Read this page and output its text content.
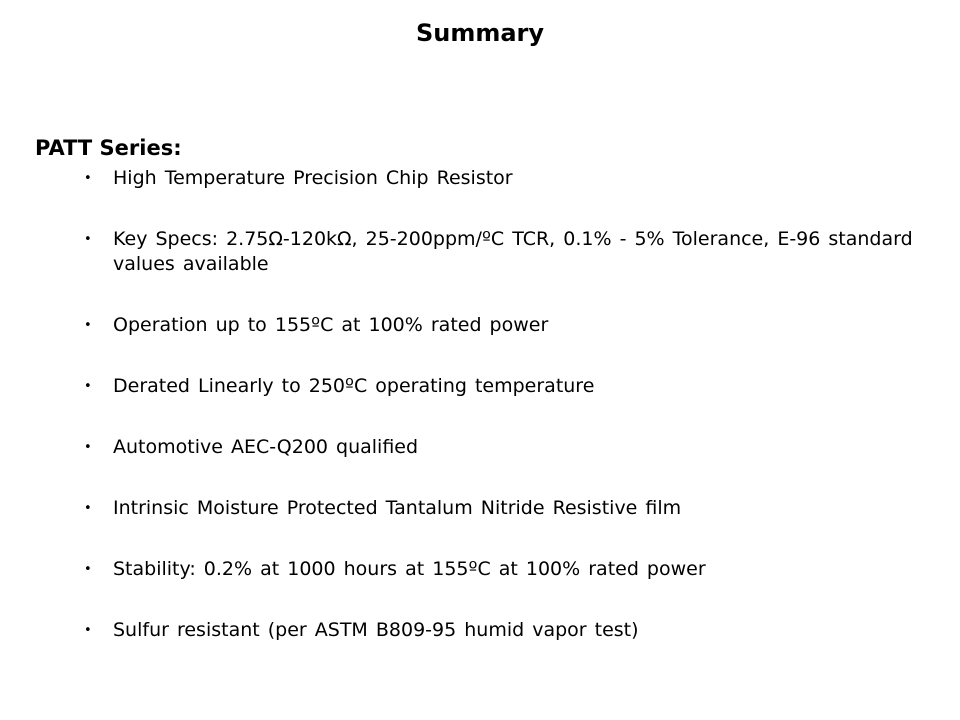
Summary
PATT Series:
• High Temperature Precision Chip Resistor
• Key Specs: 2.75Ω-120kΩ, 25-200ppm/ºC TCR, 0.1% - 5% Tolerance, E-96 standard values available
• Operation up to 155ºC at 100% rated power
• Derated Linearly to 250ºC operating temperature
• Automotive AEC-Q200 qualified
• Intrinsic Moisture Protected Tantalum Nitride Resistive film
• Stability: 0.2% at 1000 hours at 155ºC at 100% rated power
• Sulfur resistant (per ASTM B809-95 humid vapor test)
